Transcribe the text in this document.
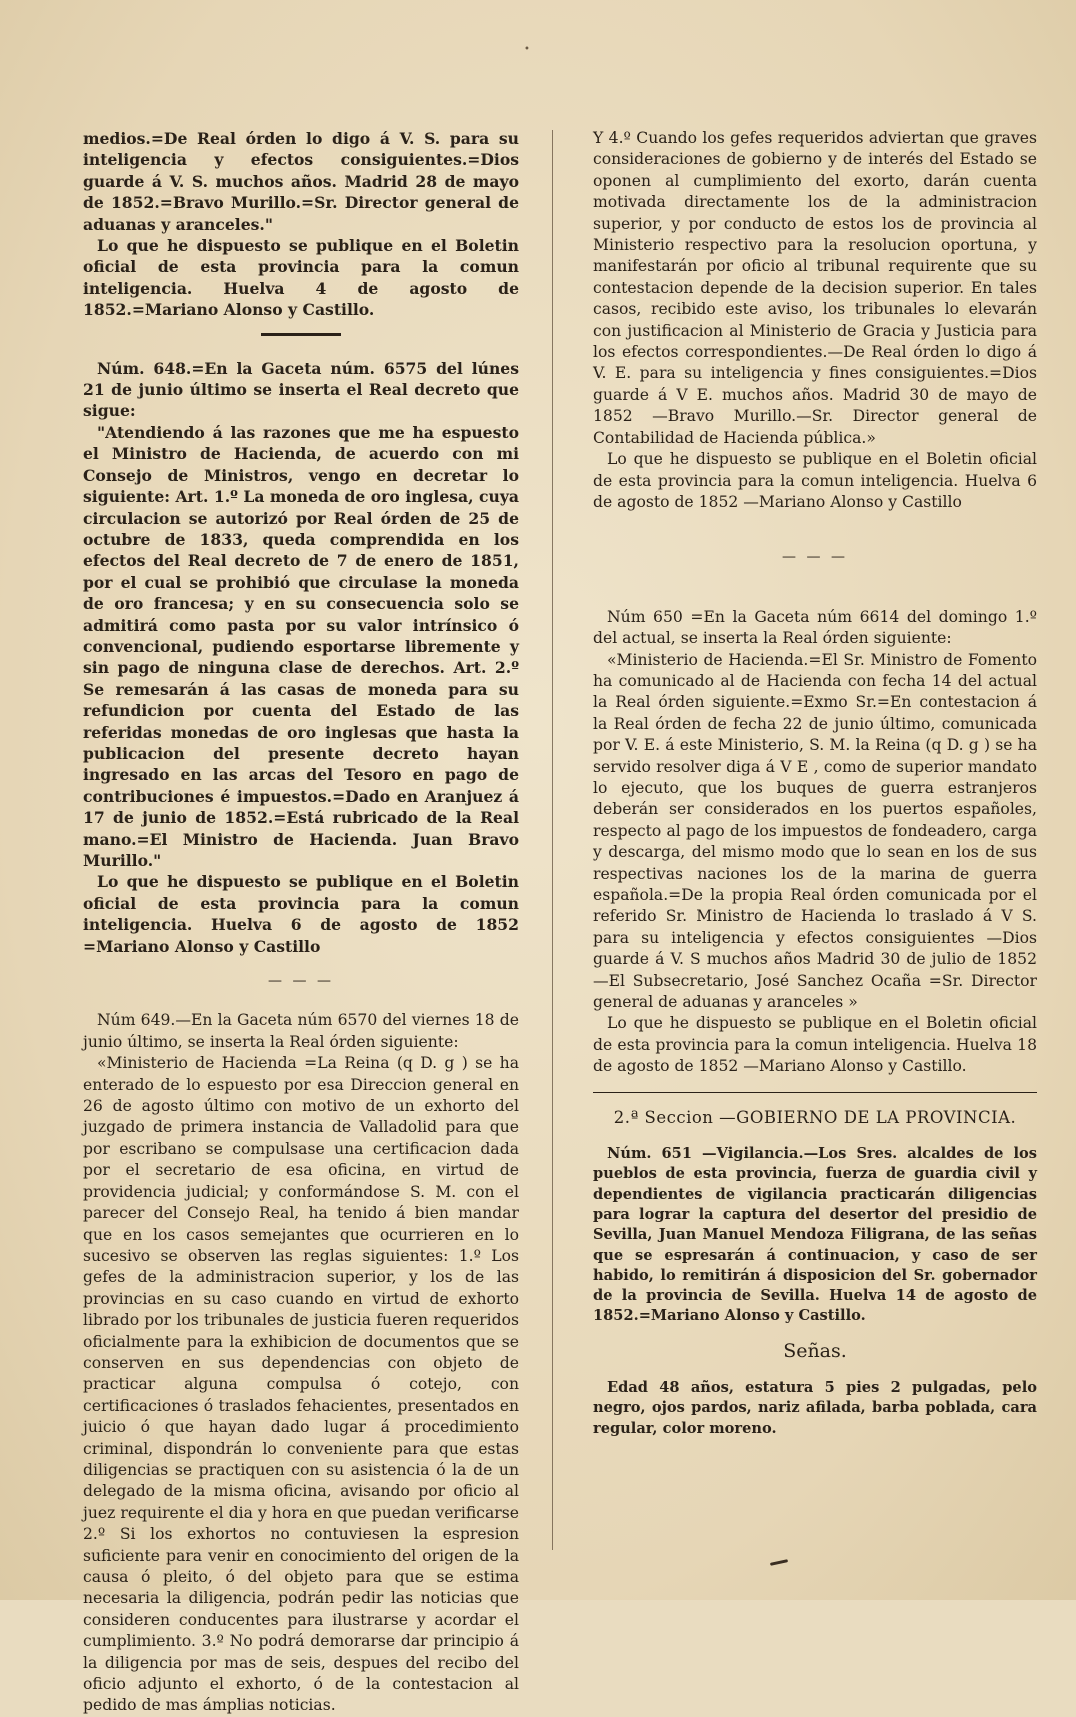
•

medios.=De Real órden lo digo á V. S. para su inteligencia y efectos consiguientes.=Dios guarde á V. S. muchos años. Madrid 28 de mayo de 1852.=Bravo Murillo.=Sr. Director general de aduanas y aranceles."

Lo que he dispuesto se publique en el Boletin oficial de esta provincia para la comun inteligencia. Huelva 4 de agosto de 1852.=Mariano Alonso y Castillo.

Núm. 648.=En la Gaceta núm. 6575 del lúnes 21 de junio último se inserta el Real decreto que sigue:

"Atendiendo á las razones que me ha espuesto el Ministro de Hacienda, de acuerdo con mi Consejo de Ministros, vengo en decretar lo siguiente: Art. 1.º La moneda de oro inglesa, cuya circulacion se autorizó por Real órden de 25 de octubre de 1833, queda comprendida en los efectos del Real decreto de 7 de enero de 1851, por el cual se prohibió que circulase la moneda de oro francesa; y en su consecuencia solo se admitirá como pasta por su valor intrínsico ó convencional, pudiendo esportarse libremente y sin pago de ninguna clase de derechos. Art. 2.º Se remesarán á las casas de moneda para su refundicion por cuenta del Estado de las referidas monedas de oro inglesas que hasta la publicacion del presente decreto hayan ingresado en las arcas del Tesoro en pago de contribuciones é impuestos.=Dado en Aranjuez á 17 de junio de 1852.=Está rubricado de la Real mano.=El Ministro de Hacienda. Juan Bravo Murillo."

Lo que he dispuesto se publique en el Boletin oficial de esta provincia para la comun inteligencia. Huelva 6 de agosto de 1852 =Mariano Alonso y Castillo

— — —

Núm 649.—En la Gaceta núm 6570 del viernes 18 de junio último, se inserta la Real órden siguiente:

«Ministerio de Hacienda =La Reina (q D. g ) se ha enterado de lo espuesto por esa Direccion general en 26 de agosto último con motivo de un exhorto del juzgado de primera instancia de Valladolid para que por escribano se compulsase una certificacion dada por el secretario de esa oficina, en virtud de providencia judicial; y conformándose S. M. con el parecer del Consejo Real, ha tenido á bien mandar que en los casos semejantes que ocurrieren en lo sucesivo se observen las reglas siguientes: 1.º Los gefes de la administracion superior, y los de las provincias en su caso cuando en virtud de exhorto librado por los tribunales de justicia fueren requeridos oficialmente para la exhibicion de documentos que se conserven en sus dependencias con objeto de practicar alguna compulsa ó cotejo, con certificaciones ó traslados fehacientes, presentados en juicio ó que hayan dado lugar á procedimiento criminal, dispondrán lo conveniente para que estas diligencias se practiquen con su asistencia ó la de un delegado de la misma oficina, avisando por oficio al juez requirente el dia y hora en que puedan verificarse 2.º Si los exhortos no contuviesen la espresion suficiente para venir en conocimiento del origen de la causa ó pleito, ó del objeto para que se estima necesaria la diligencia, podrán pedir las noticias que consideren conducentes para ilustrarse y acordar el cumplimiento. 3.º No podrá demorarse dar principio á la diligencia por mas de seis, despues del recibo del oficio adjunto el exhorto, ó de la contestacion al pedido de mas ámplias noticias.

Y 4.º Cuando los gefes requeridos adviertan que graves consideraciones de gobierno y de interés del Estado se oponen al cumplimiento del exorto, darán cuenta motivada directamente los de la administracion superior, y por conducto de estos los de provincia al Ministerio respectivo para la resolucion oportuna, y manifestarán por oficio al tribunal requirente que su contestacion depende de la decision superior. En tales casos, recibido este aviso, los tribunales lo elevarán con justificacion al Ministerio de Gracia y Justicia para los efectos correspondientes.—De Real órden lo digo á V. E. para su inteligencia y fines consiguientes.=Dios guarde á V E. muchos años. Madrid 30 de mayo de 1852 —Bravo Murillo.—Sr. Director general de Contabilidad de Hacienda pública.»

Lo que he dispuesto se publique en el Boletin oficial de esta provincia para la comun inteligencia. Huelva 6 de agosto de 1852 —Mariano Alonso y Castillo

— — —

Núm 650 =En la Gaceta núm 6614 del domingo 1.º del actual, se inserta la Real órden siguiente:

«Ministerio de Hacienda.=El Sr. Ministro de Fomento ha comunicado al de Hacienda con fecha 14 del actual la Real órden siguiente.=Exmo Sr.=En contestacion á la Real órden de fecha 22 de junio último, comunicada por V. E. á este Ministerio, S. M. la Reina (q D. g ) se ha servido resolver diga á V E , como de superior mandato lo ejecuto, que los buques de guerra estranjeros deberán ser considerados en los puertos españoles, respecto al pago de los impuestos de fondeadero, carga y descarga, del mismo modo que lo sean en los de sus respectivas naciones los de la marina de guerra española.=De la propia Real órden comunicada por el referido Sr. Ministro de Hacienda lo traslado á V S. para su inteligencia y efectos consiguientes —Dios guarde á V. S muchos años Madrid 30 de julio de 1852 —El Subsecretario, José Sanchez Ocaña =Sr. Director general de aduanas y aranceles »

Lo que he dispuesto se publique en el Boletin oficial de esta provincia para la comun inteligencia. Huelva 18 de agosto de 1852 —Mariano Alonso y Castillo.

2.ª Seccion —GOBIERNO DE LA PROVINCIA.

Núm. 651 —Vigilancia.—Los Sres. alcaldes de los pueblos de esta provincia, fuerza de guardia civil y dependientes de vigilancia practicarán diligencias para lograr la captura del desertor del presidio de Sevilla, Juan Manuel Mendoza Filigrana, de las señas que se espresarán á continuacion, y caso de ser habido, lo remitirán á disposicion del Sr. gobernador de la provincia de Sevilla. Huelva 14 de agosto de 1852.=Mariano Alonso y Castillo.

Señas.

Edad 48 años, estatura 5 pies 2 pulgadas, pelo negro, ojos pardos, nariz afilada, barba poblada, cara regular, color moreno.
